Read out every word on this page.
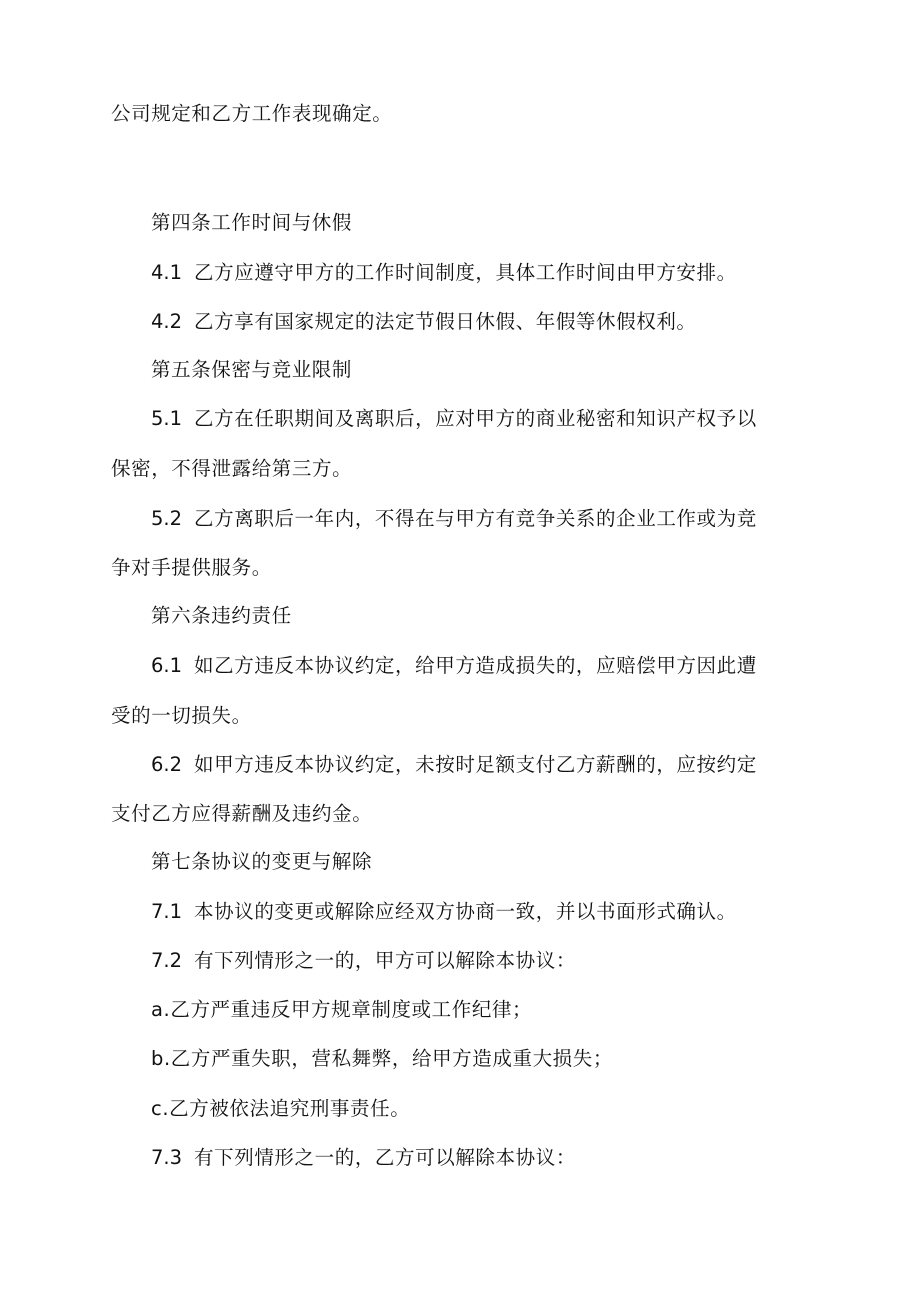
公司规定和乙方工作表现确定。
第四条工作时间与休假
4.1 乙方应遵守甲方的工作时间制度，具体工作时间由甲方安排。
4.2 乙方享有国家规定的法定节假日休假、年假等休假权利。
第五条保密与竞业限制
5.1 乙方在任职期间及离职后，应对甲方的商业秘密和知识产权予以
保密，不得泄露给第三方。
5.2 乙方离职后一年内，不得在与甲方有竞争关系的企业工作或为竞
争对手提供服务。
第六条违约责任
6.1 如乙方违反本协议约定，给甲方造成损失的，应赔偿甲方因此遭
受的一切损失。
6.2 如甲方违反本协议约定，未按时足额支付乙方薪酬的，应按约定
支付乙方应得薪酬及违约金。
第七条协议的变更与解除
7.1 本协议的变更或解除应经双方协商一致，并以书面形式确认。
7.2 有下列情形之一的，甲方可以解除本协议：
a.乙方严重违反甲方规章制度或工作纪律；
b.乙方严重失职，营私舞弊，给甲方造成重大损失；
c.乙方被依法追究刑事责任。
7.3 有下列情形之一的，乙方可以解除本协议：
